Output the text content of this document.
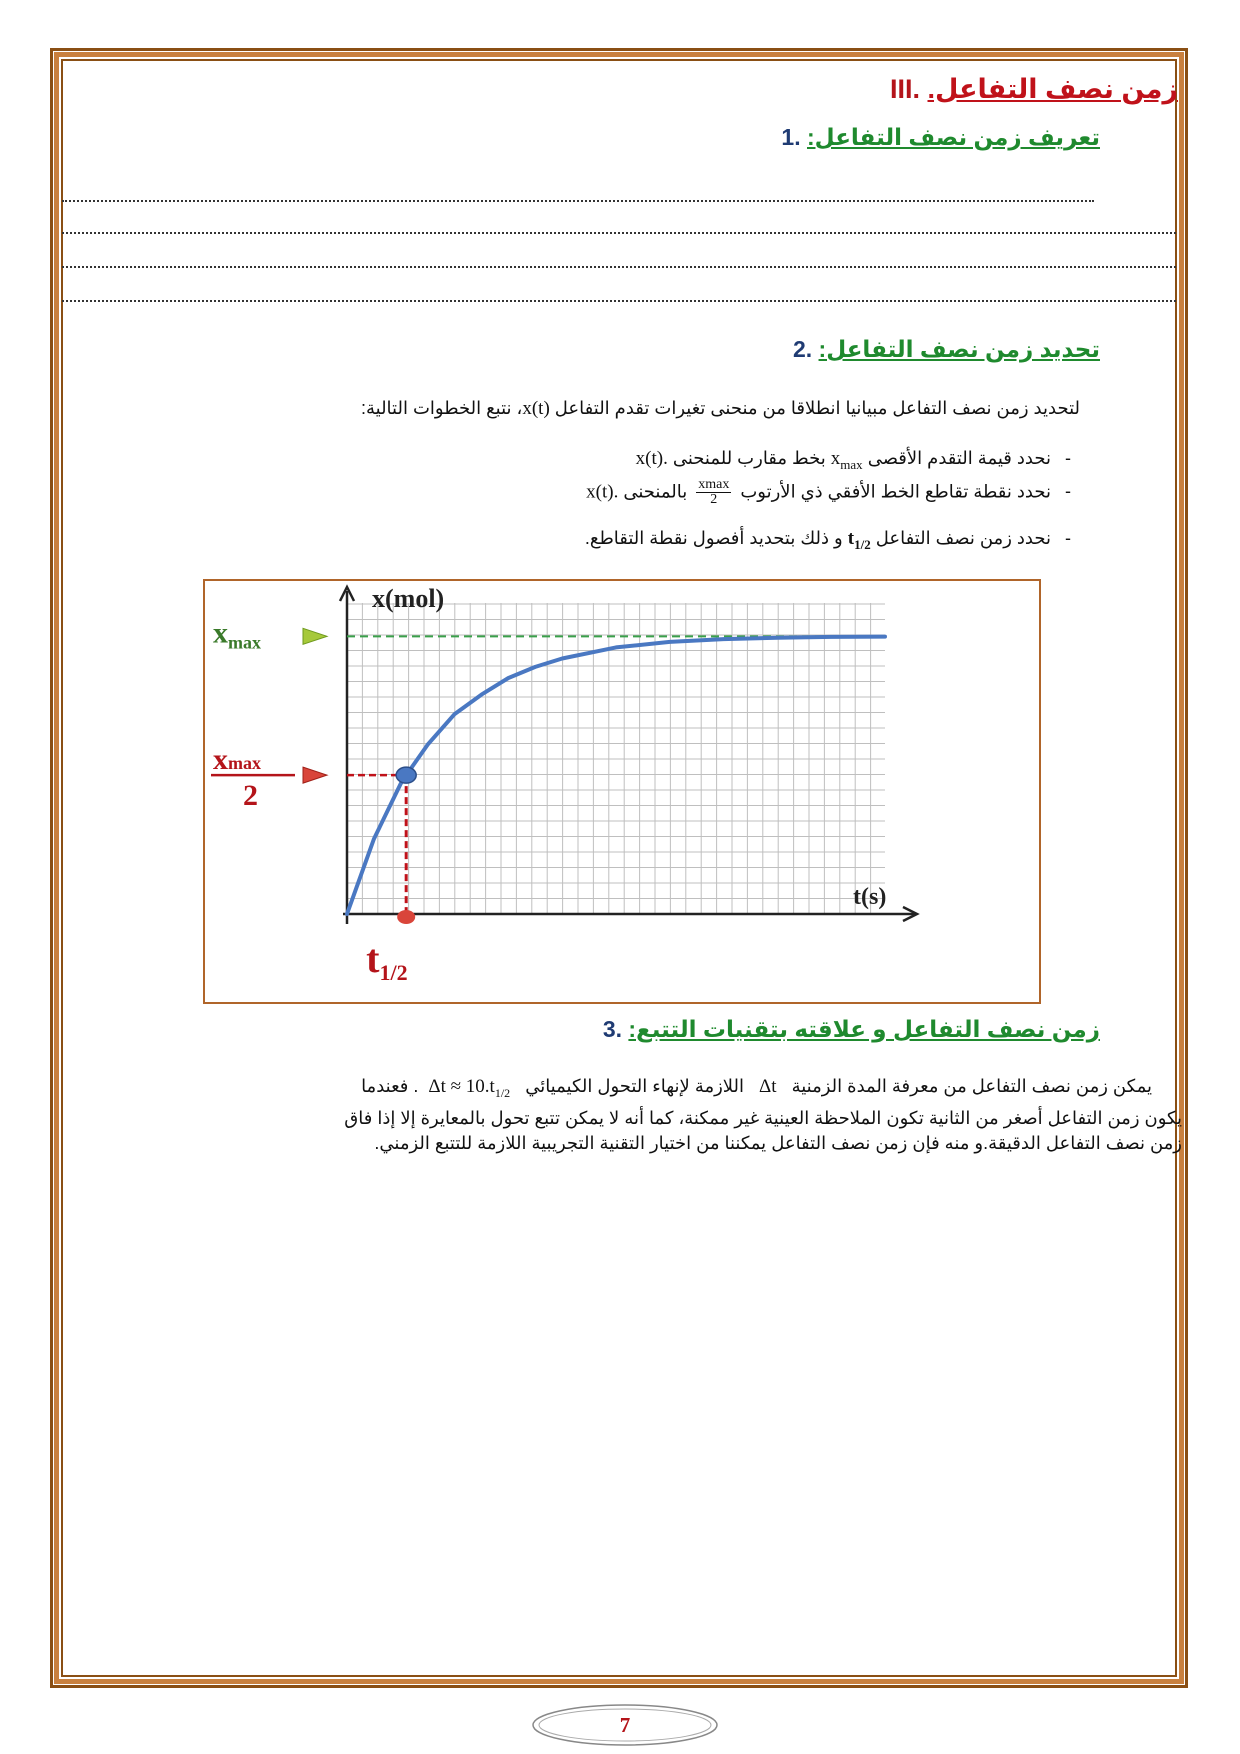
زمن نصف التفاعل. III.
تعريف زمن نصف التفاعل: .1
تحديد زمن نصف التفاعل: .2
لتحديد زمن نصف التفاعل مبيانيا انطلاقا من منحنى تغيرات تقدم التفاعل x(t)، نتبع الخطوات التالية:
- نحدد قيمة التقدم الأقصى $x_{max}$ بخط مقارب للمنحنى x(t).
- نحدد نقطة تقاطع الخط الأفقي ذي الأرتوب
$\frac{xmax}{2}$
بالمنحنى x(t).
- نحدد زمن نصف التفاعل $t_{1/2}$ و ذلك بتحديد أفصول نقطة التقاطع.
x(mol)
t(s)
$x_{max}$
xmax
2
$t_{1/2}$
زمن نصف التفاعل و علاقته بتقنيات التتبع: .3
يمكن زمن نصف التفاعل من معرفة المدة الزمنية Δt اللازمة لإنهاء التحول الكيميائي $\Delta t \approx 10.t_{1/2}$. فعندما
يكون زمن التفاعل أصغر من الثانية تكون الملاحظة العينية غير ممكنة، كما أنه لا يمكن تتبع تحول بالمعايرة إلا إذا فاق
زمن نصف التفاعل الدقيقة.و منه فإن زمن نصف التفاعل يمكننا من اختيار التقنية التجريبية اللازمة للتتبع الزمني.
7
